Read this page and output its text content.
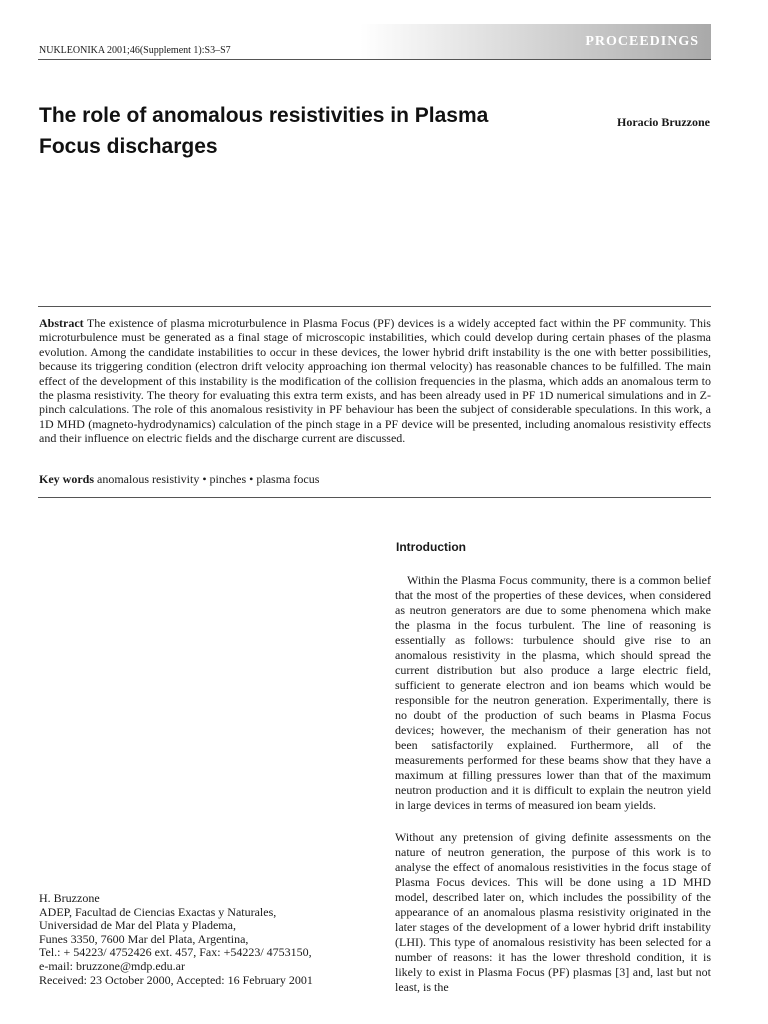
PROCEEDINGS
NUKLEONIKA 2001;46(Supplement 1):S3–S7
The role of anomalous resistivities in Plasma Focus discharges
Horacio Bruzzone

Abstract The existence of plasma microturbulence in Plasma Focus (PF) devices is a widely accepted fact within the PF community. This microturbulence must be generated as a final stage of microscopic instabilities, which could develop during certain phases of the plasma evolution. Among the candidate instabilities to occur in these devices, the lower hybrid drift instability is the one with better possibilities, because its triggering condition (electron drift velocity approaching ion thermal velocity) has reasonable chances to be fulfilled. The main effect of the development of this instability is the modification of the collision frequencies in the plasma, which adds an anomalous term to the plasma resistivity. The theory for evaluating this extra term exists, and has been already used in PF 1D numerical simulations and in Z-pinch calculations. The role of this anomalous resistivity in PF behaviour has been the subject of considerable speculations. In this work, a 1D MHD (magneto-hydrodynamics) calculation of the pinch stage in a PF device will be presented, including anomalous resistivity effects and their influence on electric fields and the discharge current are discussed.

Key words anomalous resistivity • pinches • plasma focus
Introduction

Within the Plasma Focus community, there is a common belief that the most of the properties of these devices, when considered as neutron generators are due to some phenomena which make the plasma in the focus turbulent. The line of reasoning is essentially as follows: turbulence should give rise to an anomalous resistivity in the plasma, which should spread the current distribution but also produce a large electric field, sufficient to generate electron and ion beams which would be responsible for the neutron generation. Experimentally, there is no doubt of the production of such beams in Plasma Focus devices; however, the mechanism of their generation has not been satisfactorily explained. Furthermore, all of the measurements performed for these beams show that they have a maximum at filling pressures lower than that of the maximum neutron production and it is difficult to explain the neutron yield in large devices in terms of measured ion beam yields.

Without any pretension of giving definite assessments on the nature of neutron generation, the purpose of this work is to analyse the effect of anomalous resistivities in the focus stage of Plasma Focus devices. This will be done using a 1D MHD model, described later on, which includes the possibility of the appearance of an anomalous plasma resistivity originated in the later stages of the development of a lower hybrid drift instability (LHI). This type of anomalous resistivity has been selected for a number of reasons: it has the lower threshold condition, it is likely to exist in Plasma Focus (PF) plasmas [3] and, last but not least, is the

H. Bruzzone
ADEP, Facultad de Ciencias Exactas y Naturales,
Universidad de Mar del Plata y Pladema,
Funes 3350, 7600 Mar del Plata, Argentina,
Tel.: + 54223/ 4752426 ext. 457, Fax: +54223/ 4753150,
e-mail: bruzzone@mdp.edu.ar
Received: 23 October 2000, Accepted: 16 February 2001
